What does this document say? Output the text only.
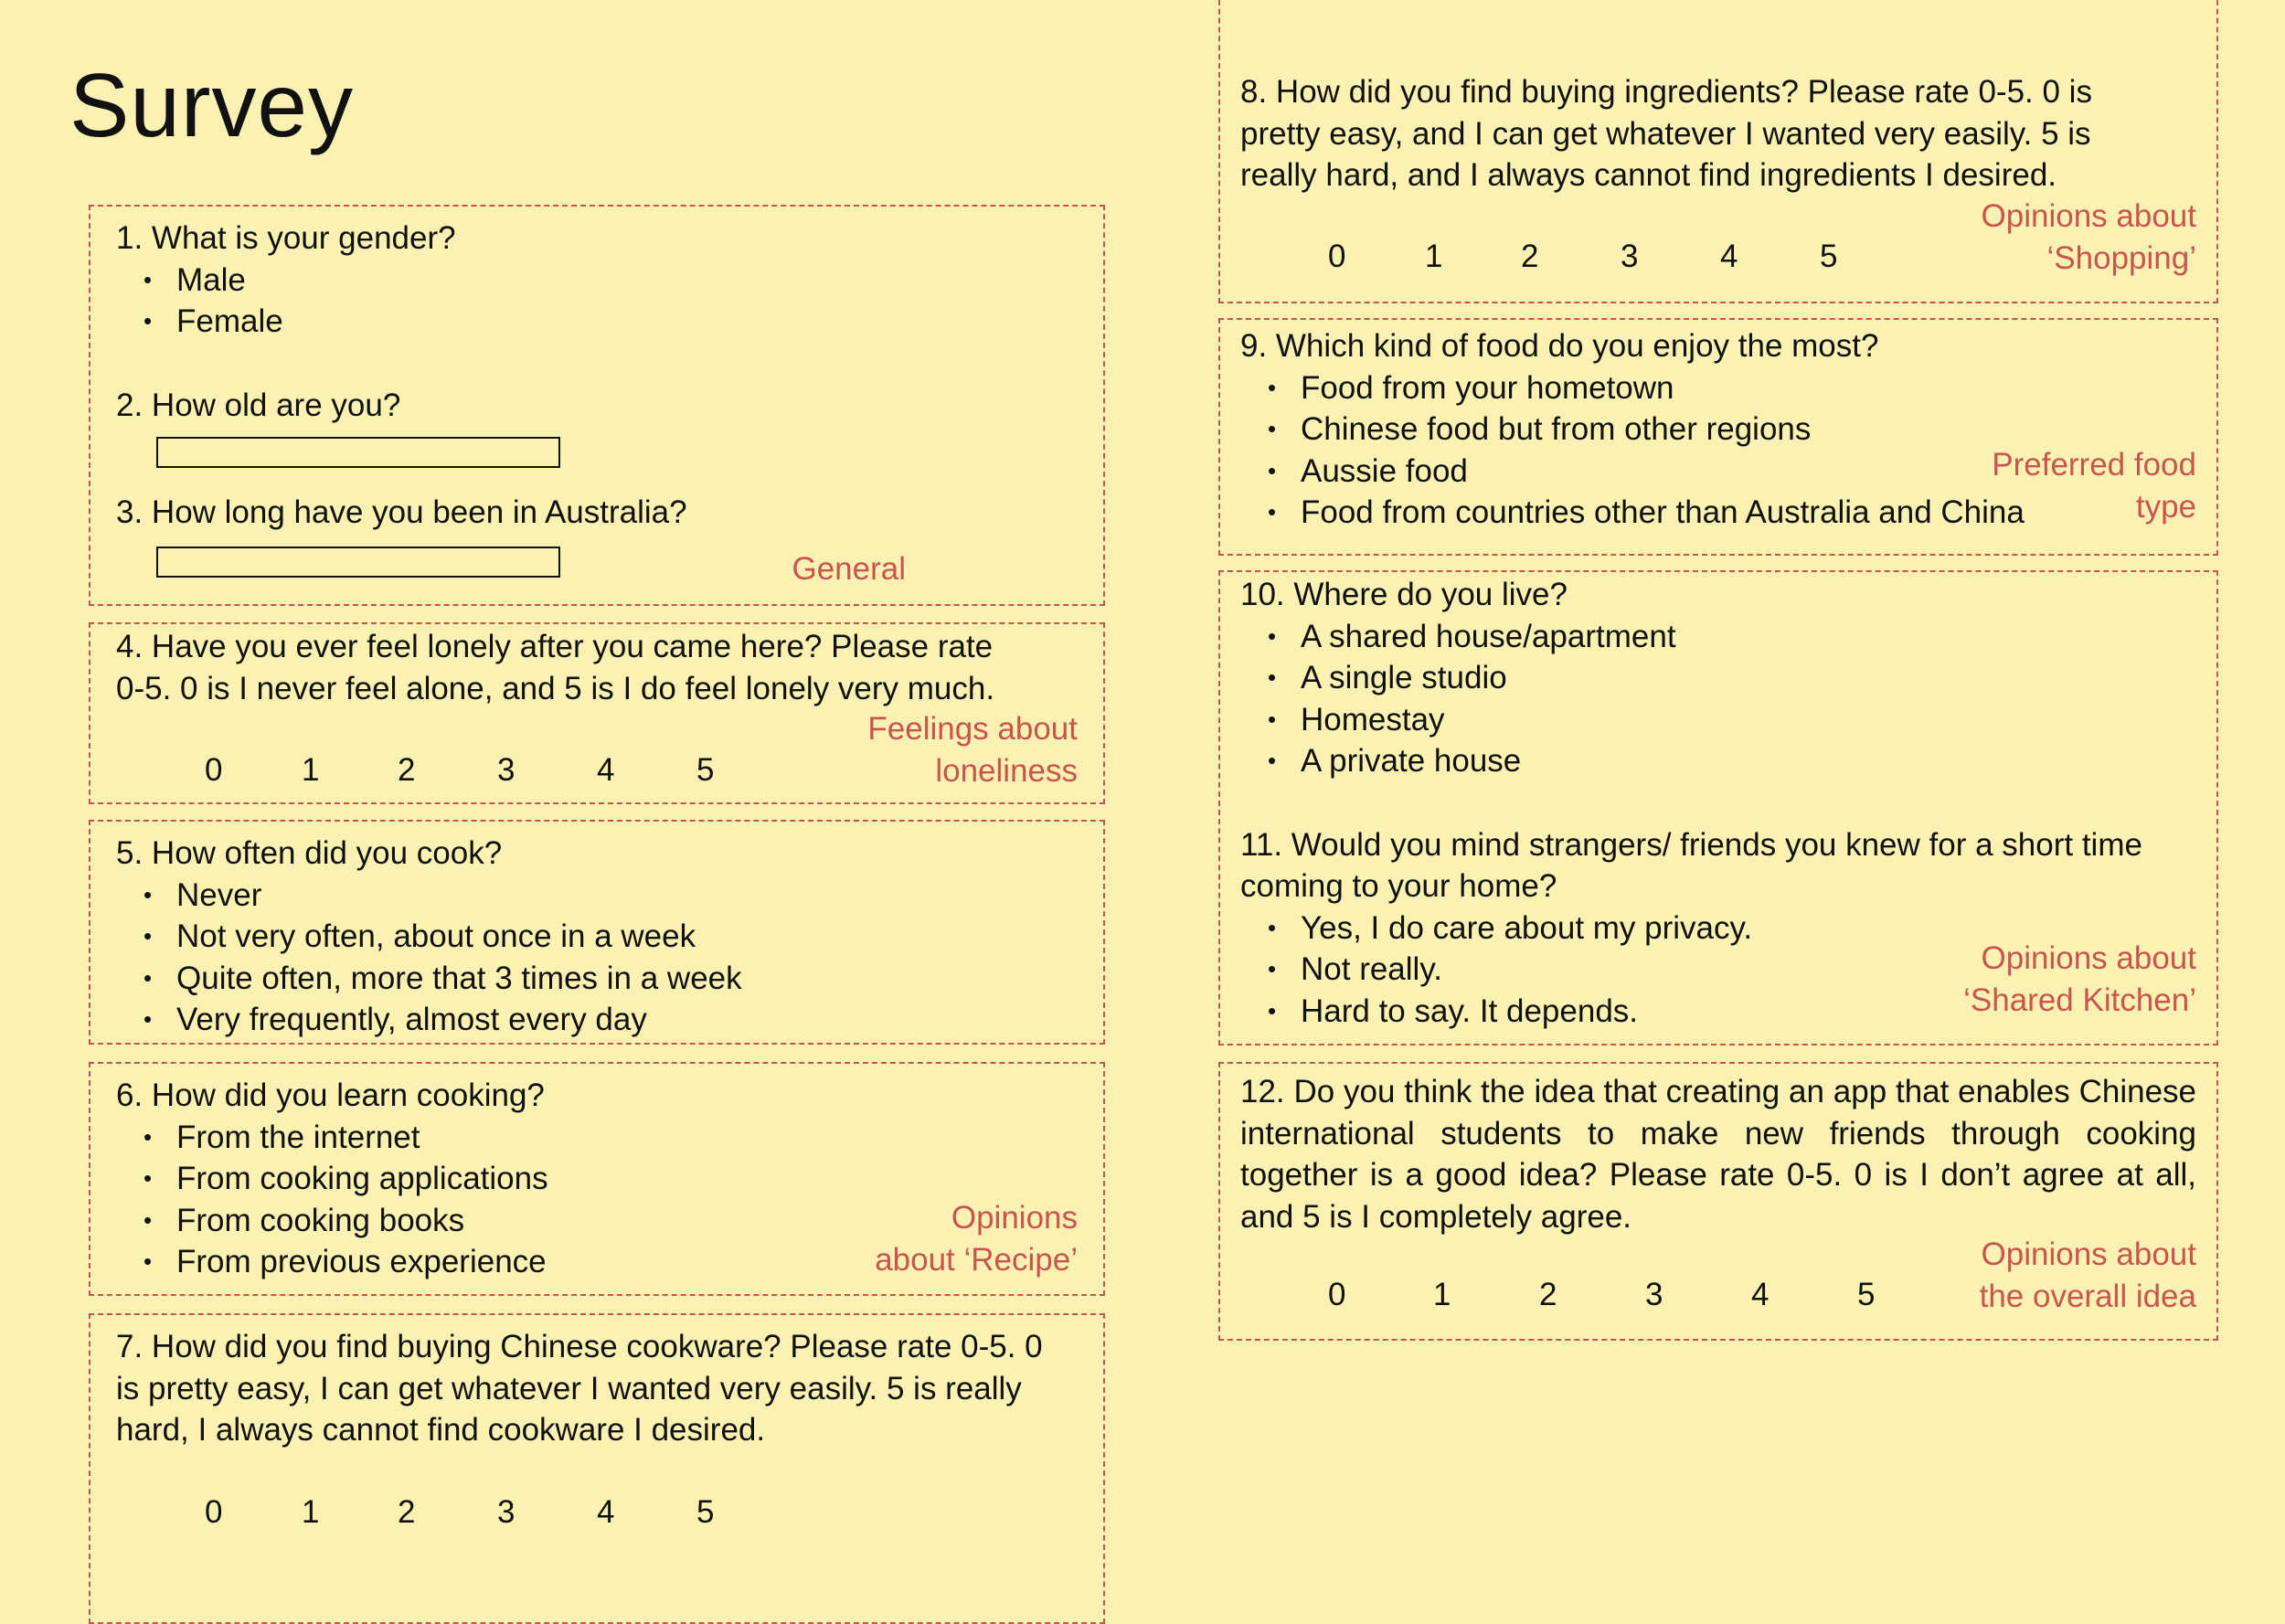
Survey

1. What is your gender?

• Male
• Female

2. How old are you?

3. How long have you been in Australia?

General

4. Have you ever feel lonely after you came here? Please rate

0-5. 0 is I never feel alone, and 5 is I do feel lonely very much.

0	1	2	3	4	5
Feelings about
loneliness

5. How often did you cook?

• Never
• Not very often, about once in a week
• Quite often, more that 3 times in a week
• Very frequently, almost every day

6. How did you learn cooking?

• From the internet
• From cooking applications
• From cooking books
• From previous experience
Opinions
about ‘Recipe’

7. How did you find buying Chinese cookware? Please rate 0-5. 0

is pretty easy, I can get whatever I wanted very easily. 5 is really

hard, I always cannot find cookware I desired.

0	1	2	3	4	5

8. How did you find buying ingredients? Please rate 0-5. 0 is

pretty easy, and I can get whatever I wanted very easily. 5 is

really hard, and I always cannot find ingredients I desired.

0	1	2	3	4	5
Opinions about
‘Shopping’

9. Which kind of food do you enjoy the most?

• Food from your hometown
• Chinese food but from other regions
• Aussie food
• Food from countries other than Australia and China
Preferred food
type

10. Where do you live?

• A shared house/apartment
• A single studio
• Homestay
• A private house

11. Would you mind strangers/ friends you knew for a short time

coming to your home?

• Yes, I do care about my privacy.
• Not really.
• Hard to say. It depends.
Opinions about
‘Shared Kitchen’

12. Do you think the idea that creating an app that enables Chinese international students to make new friends through cooking together is a good idea? Please rate 0-5. 0 is I don’t agree at all, and 5 is I completely agree.

0	1	2	3	4	5
Opinions about
the overall idea
